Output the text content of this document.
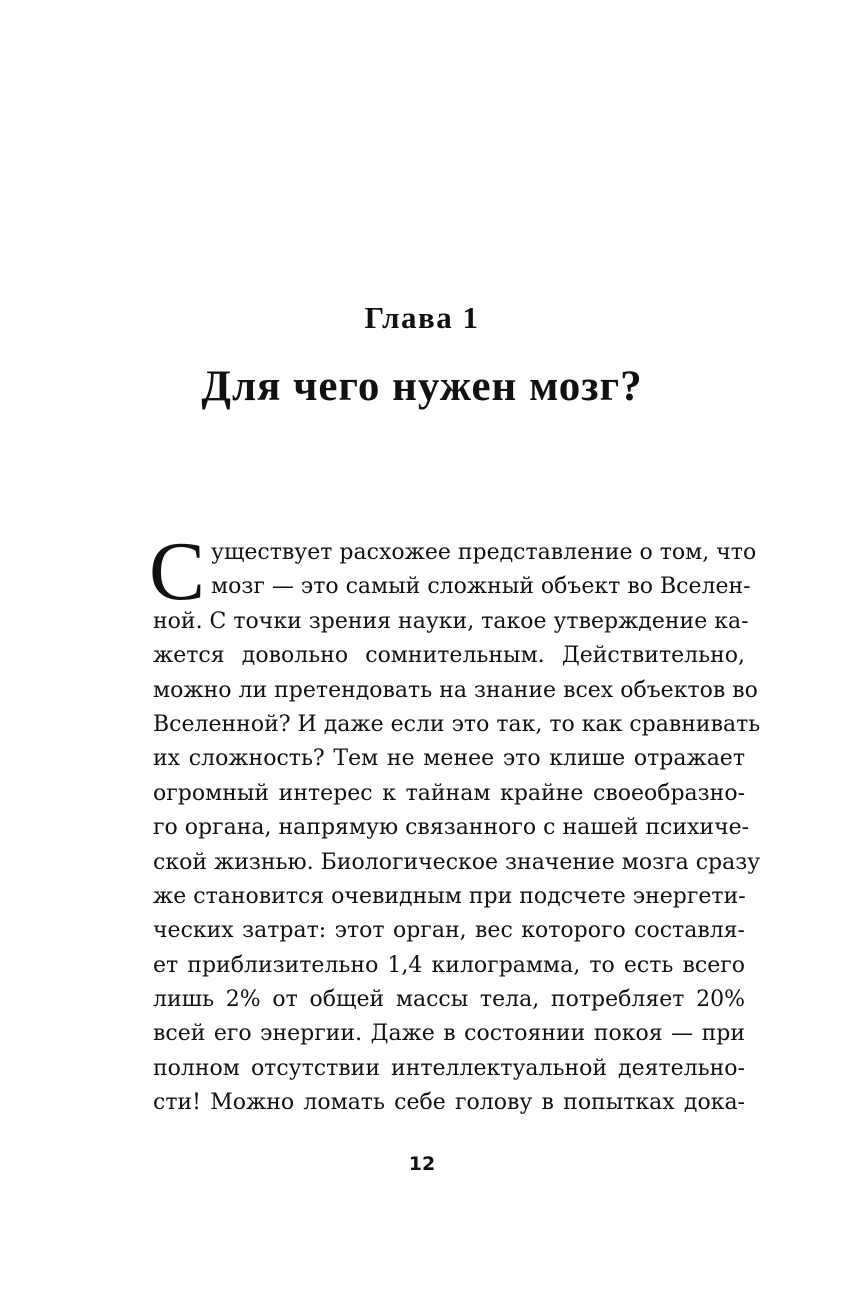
Глава 1
Для чего нужен мозг?
С уществует расхожее представление о том, что
мозг — это самый сложный объект во Вселен-
ной. С точки зрения науки, такое утверждение ка-
жется довольно сомнительным. Действительно,
можно ли претендовать на знание всех объектов во
Вселенной? И даже если это так, то как сравнивать
их сложность? Тем не менее это клише отражает
огромный интерес к тайнам крайне своеобразно-
го органа, напрямую связанного с нашей психиче-
ской жизнью. Биологическое значение мозга сразу
же становится очевидным при подсчете энергети-
ческих затрат: этот орган, вес которого составля-
ет приблизительно 1,4 килограмма, то есть всего
лишь 2% от общей массы тела, потребляет 20%
всей его энергии. Даже в состоянии покоя — при
полном отсутствии интеллектуальной деятельно-
сти! Можно ломать себе голову в попытках дока-

12
